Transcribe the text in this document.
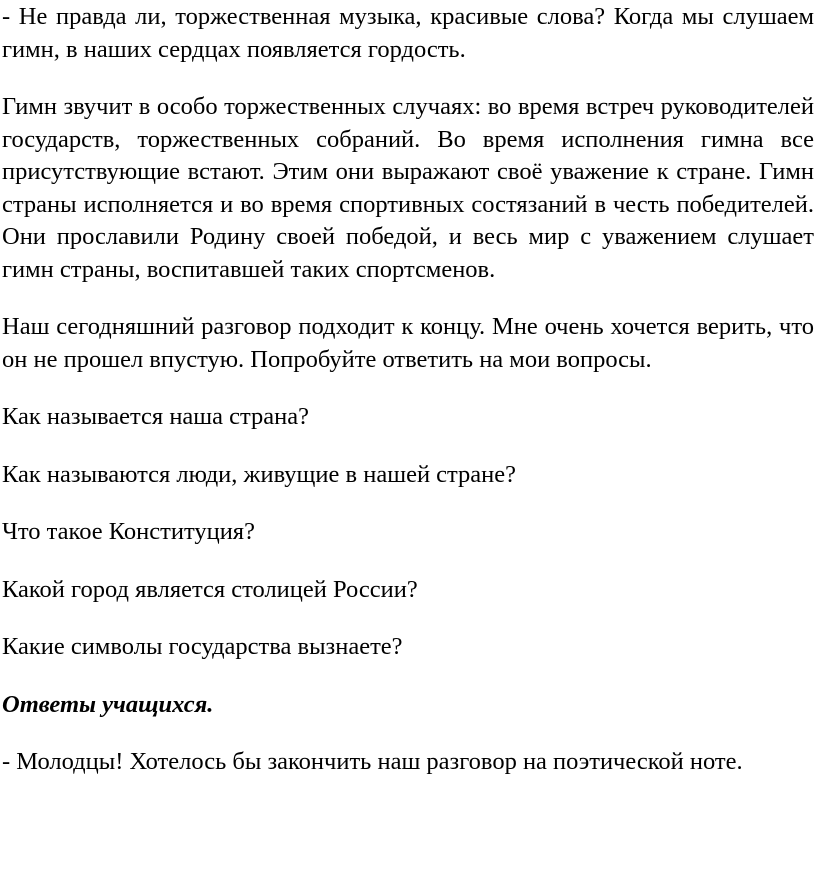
- Не правда ли, торжественная музыка, красивые слова? Когда мы слушаем гимн, в наших сердцах появляется гордость.

Гимн звучит в особо торжественных случаях: во время встреч руководителей государств, торжественных собраний. Во время исполнения гимна все присутствующие встают. Этим они выражают своё уважение к стране. Гимн страны исполняется и во время спортивных состязаний в честь победителей. Они прославили Родину своей победой, и весь мир с уважением слушает гимн страны, воспитавшей таких спортсменов.

Наш сегодняшний разговор подходит к концу. Мне очень хочется верить, что он не прошел впустую. Попробуйте ответить на мои вопросы.

Как называется наша страна?

Как называются люди, живущие в нашей стране?

Что такое Конституция?

Какой город является столицей России?

Какие символы государства вызнаете?

Ответы учащихся.

- Молодцы! Хотелось бы закончить наш разговор на поэтической ноте.
